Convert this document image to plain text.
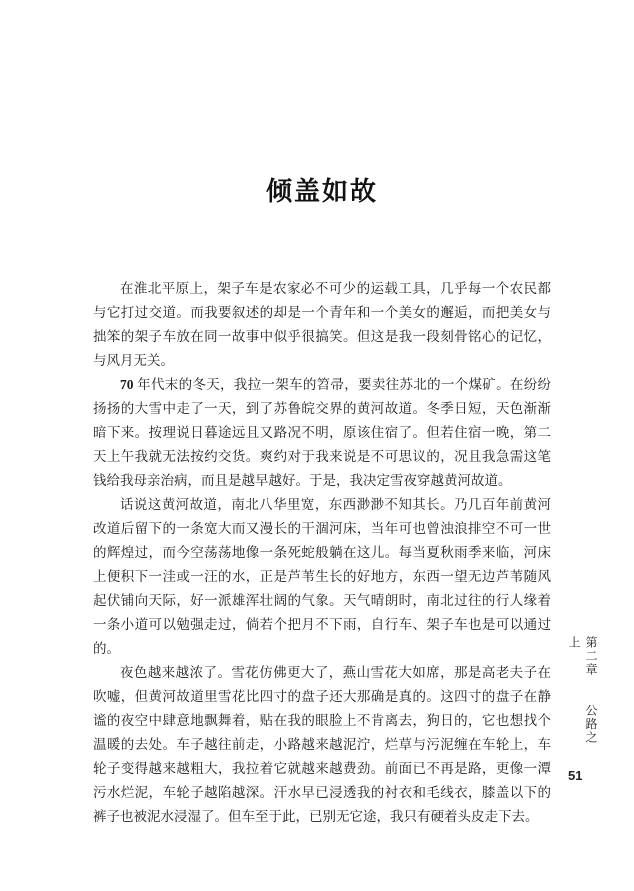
倾盖如故

在淮北平原上，架子车是农家必不可少的运载工具，几乎每一个农民都与它打过交道。而我要叙述的却是一个青年和一个美女的邂逅，而把美女与拙笨的架子车放在同一故事中似乎很搞笑。但这是我一段刻骨铭心的记忆，与风月无关。

70 年代末的冬天，我拉一架车的笤帚，要卖往苏北的一个煤矿。在纷纷扬扬的大雪中走了一天，到了苏鲁皖交界的黄河故道。冬季日短，天色渐渐暗下来。按理说日暮途远且又路况不明，原该住宿了。但若住宿一晚，第二天上午我就无法按约交货。爽约对于我来说是不可思议的，况且我急需这笔钱给我母亲治病，而且是越早越好。于是，我决定雪夜穿越黄河故道。

话说这黄河故道，南北八华里宽，东西渺渺不知其长。乃几百年前黄河改道后留下的一条宽大而又漫长的干涸河床，当年可也曾浊浪排空不可一世的辉煌过，而今空荡荡地像一条死蛇般躺在这儿。每当夏秋雨季来临，河床上便积下一洼或一汪的水，正是芦苇生长的好地方，东西一望无边芦苇随风起伏铺向天际，好一派雄浑壮阔的气象。天气晴朗时，南北过往的行人缘着一条小道可以勉强走过，倘若个把月不下雨，自行车、架子车也是可以通过的。

夜色越来越浓了。雪花仿佛更大了，燕山雪花大如席，那是高老夫子在吹嘘，但黄河故道里雪花比四寸的盘子还大那确是真的。这四寸的盘子在静谧的夜空中肆意地飘舞着，贴在我的眼脸上不肯离去，狗日的，它也想找个温暖的去处。车子越往前走，小路越来越泥泞，烂草与污泥缠在车轮上，车轮子变得越来越粗大，我拉着它就越来越费劲。前面已不再是路，更像一潭污水烂泥，车轮子越陷越深。汗水早已浸透我的衬衣和毛线衣，膝盖以下的裤子也被泥水浸湿了。但车至于此，已别无它途，我只有硬着头皮走下去。

第二章 公路之上
51
